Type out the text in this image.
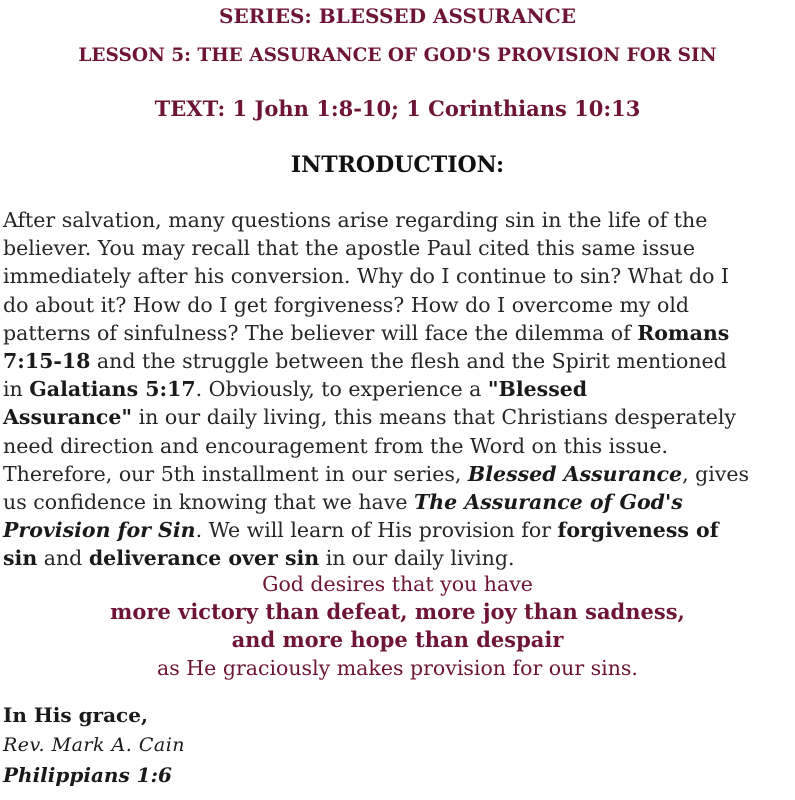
SERIES: BLESSED ASSURANCE
LESSON 5: THE ASSURANCE OF GOD'S PROVISION FOR SIN
TEXT: 1 John 1:8-10; 1 Corinthians 10:13
INTRODUCTION:
After salvation, many questions arise regarding sin in the life of the
believer. You may recall that the apostle Paul cited this same issue
immediately after his conversion. Why do I continue to sin? What do I
do about it? How do I get forgiveness? How do I overcome my old
patterns of sinfulness? The believer will face the dilemma of Romans
7:15-18 and the struggle between the flesh and the Spirit mentioned
in Galatians 5:17. Obviously, to experience a "Blessed
Assurance" in our daily living, this means that Christians desperately
need direction and encouragement from the Word on this issue.
Therefore, our 5th installment in our series, Blessed Assurance, gives
us confidence in knowing that we have The Assurance of God's
Provision for Sin. We will learn of His provision for forgiveness of
sin and deliverance over sin in our daily living.
God desires that you have
more victory than defeat, more joy than sadness,
and more hope than despair
as He graciously makes provision for our sins.
In His grace,
Rev. Mark A. Cain
Philippians 1:6
